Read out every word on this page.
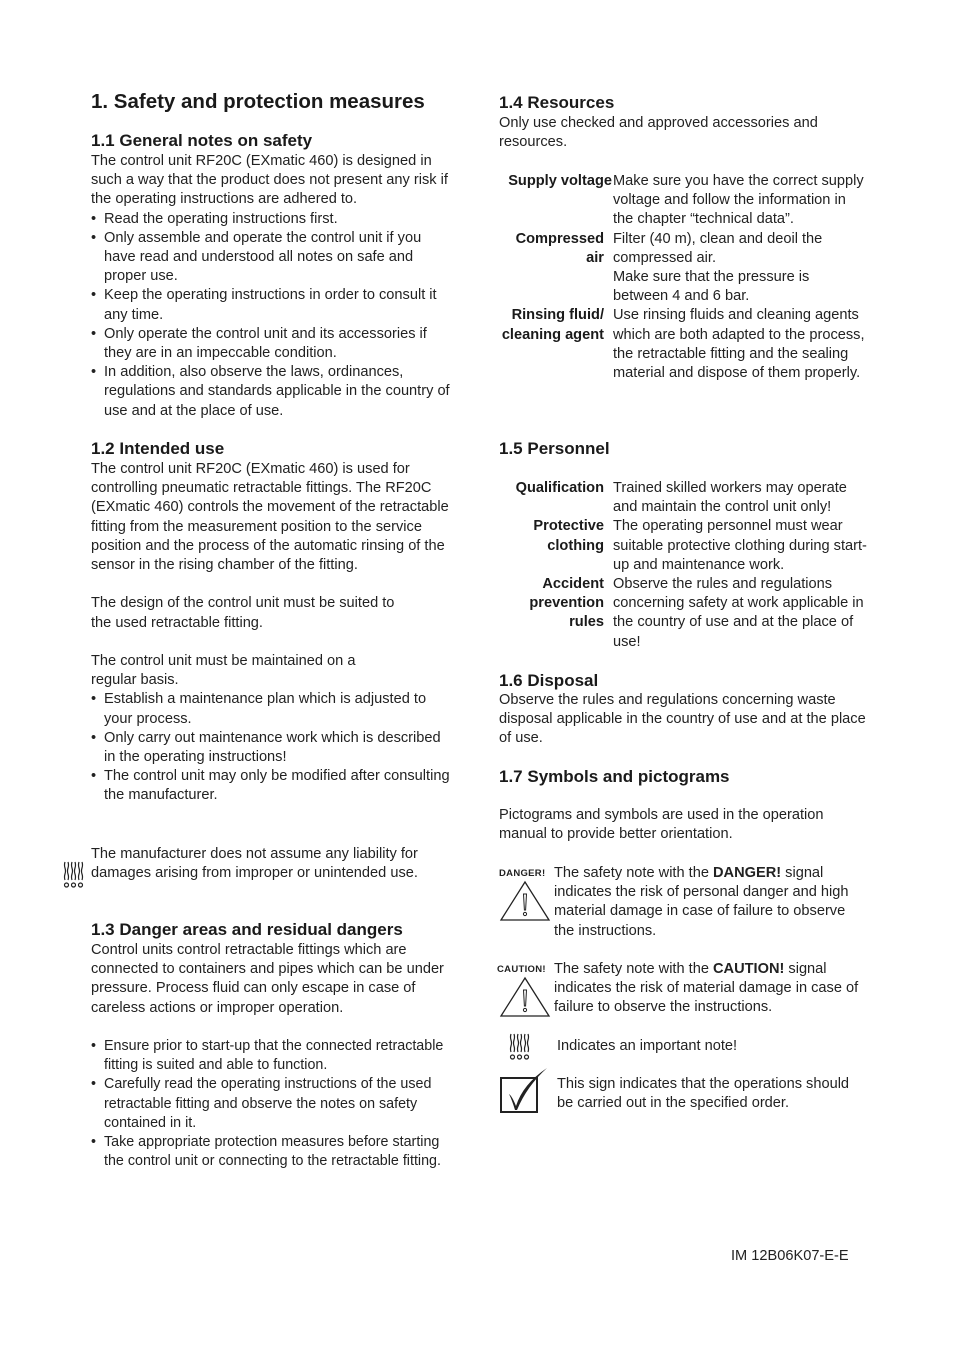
1. Safety and protection measures
1.1 General notes on safety
The control unit RF20C (EXmatic 460) is designed in such a way that the product does not present any risk if the operating instructions are adhered to.
• Read the operating instructions first.
• Only assemble and operate the control unit if you have read and understood all notes on safe and proper use.
• Keep the operating instructions in order to consult it any time.
• Only operate the control unit and its accessories if they are in an impeccable condition.
• In addition, also observe the laws, ordinances, regulations and standards applicable in the country of use and at the place of use.
1.2 Intended use
The control unit RF20C (EXmatic 460) is used for controlling pneumatic retractable fittings. The RF20C (EXmatic 460) controls the movement of the retractable fitting from the measurement position to the service position and the process of the automatic rinsing of the sensor in the rising chamber of the fitting.
The design of the control unit must be suited to the used retractable fitting.
The control unit must be maintained on a regular basis.
• Establish a maintenance plan which is adjusted to your process.
• Only carry out maintenance work which is described in the operating instructions!
• The control unit may only be modified after consulting the manufacturer.
The manufacturer does not assume any liability for damages arising from improper or unintended use.
1.3 Danger areas and residual dangers
Control units control retractable fittings which are connected to containers and pipes which can be under pressure. Process fluid can only escape in case of careless actions or improper operation.
• Ensure prior to start-up that the connected retractable fitting is suited and able to function.
• Carefully read the operating instructions of the used retractable fitting and observe the notes on safety contained in it.
• Take appropriate protection measures before starting the control unit or connecting to the retractable fitting.
1.4 Resources
Only use checked and approved accessories and resources.
Supply voltage Make sure you have the correct supply voltage and follow the information in the chapter “technical data”.
Compressed air
Filter (40 m), clean and deoil the compressed air.
Make sure that the pressure is between 4 and 6 bar.
Rinsing fluid/ cleaning agent
Use rinsing fluids and cleaning agents which are both adapted to the process, the retractable fitting and the sealing material and dispose of them properly.
1.5 Personnel
Qualification Trained skilled workers may operate and maintain the control unit only!
Protective clothing
The operating personnel must wear suitable protective clothing during start-up and maintenance work.
Accident prevention rules
Observe the rules and regulations concerning safety at work applicable in the country of use and at the place of use!
1.6 Disposal
Observe the rules and regulations concerning waste disposal applicable in the country of use and at the place of use.
1.7 Symbols and pictograms
Pictograms and symbols are used in the operation manual to provide better orientation.
DANGER! The safety note with the DANGER! signal indicates the risk of personal danger and high material damage in case of failure to observe the instructions.
CAUTION! The safety note with the CAUTION! signal indicates the risk of material damage in case of failure to observe the instructions.
Indicates an important note!
This sign indicates that the operations should be carried out in the specified order.
IM 12B06K07-E-E
